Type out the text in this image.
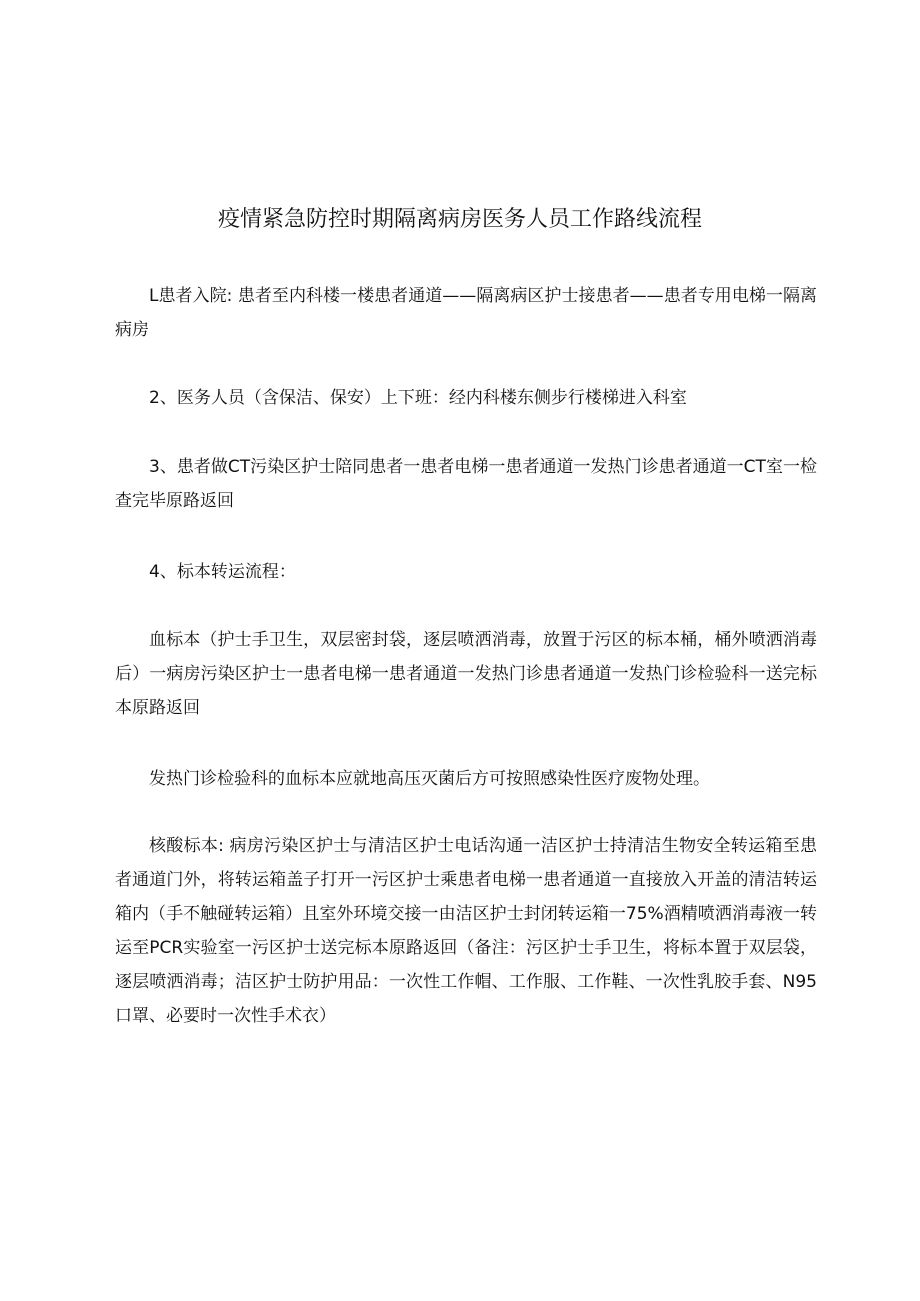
疫情紧急防控时期隔离病房医务人员工作路线流程

L患者入院: 患者至内科楼一楼患者通道——隔离病区护士接患者——患者专用电梯一隔离病房

2、医务人员（含保洁、保安）上下班：经内科楼东侧步行楼梯进入科室

3、患者做CT污染区护士陪同患者一患者电梯一患者通道一发热门诊患者通道一CT室一检查完毕原路返回

4、标本转运流程：

血标本（护士手卫生，双层密封袋，逐层喷洒消毒，放置于污区的标本桶，桶外喷洒消毒后）一病房污染区护士一患者电梯一患者通道一发热门诊患者通道一发热门诊检验科一送完标本原路返回

发热门诊检验科的血标本应就地高压灭菌后方可按照感染性医疗废物处理。

核酸标本: 病房污染区护士与清洁区护士电话沟通一洁区护士持清洁生物安全转运箱至患者通道门外，将转运箱盖子打开一污区护士乘患者电梯一患者通道一直接放入开盖的清洁转运箱内（手不触碰转运箱）且室外环境交接一由洁区护士封闭转运箱一75%酒精喷洒消毒液一转运至PCR实验室一污区护士送完标本原路返回（备注：污区护士手卫生，将标本置于双层袋，逐层喷洒消毒；洁区护士防护用品：一次性工作帽、工作服、工作鞋、一次性乳胶手套、N95口罩、必要时一次性手术衣）
